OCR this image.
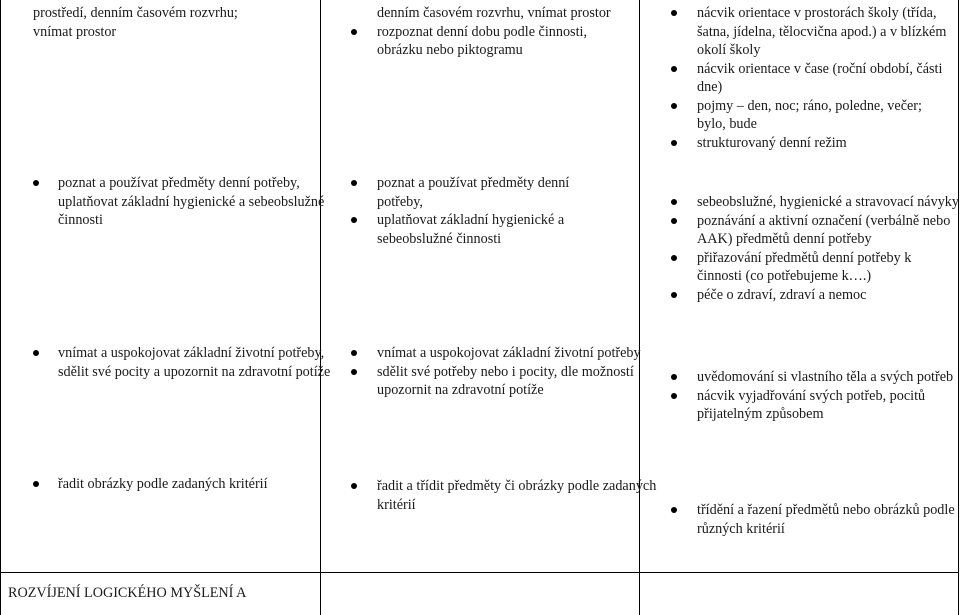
prostředí, denním časovém rozvrhu; vnímat prostor
denním časovém rozvrhu, vnímat prostor
rozpoznat denní dobu podle činnosti, obrázku nebo piktogramu
nácvik orientace v prostorách školy (třída, šatna, jídelna, tělocvična apod.) a v blízkém okolí školy
nácvik orientace v čase (roční období, části dne)
pojmy – den, noc; ráno, poledne, večer; bylo, bude
strukturovaný denní režim
poznat a používat předměty denní potřeby, uplatňovat základní hygienické a sebeobslužné činnosti
poznat a používat předměty denní potřeby,
uplatňovat základní hygienické a sebeobslužné činnosti
sebeobslužné, hygienické a stravovací návyky
poznávání a aktivní označení (verbálně nebo AAK) předmětů denní potřeby
přiřazování předmětů denní potřeby k činnosti (co potřebujeme k….)
péče o zdraví, zdraví a nemoc
vnímat a uspokojovat základní životní potřeby, sdělit své pocity a upozornit na zdravotní potíže
vnímat a uspokojovat základní životní potřeby
sdělit své potřeby nebo i pocity, dle možností upozornit na zdravotní potíže
uvědomování si vlastního těla a svých potřeb
nácvik vyjadřování svých potřeb, pocitů přijatelným způsobem
řadit obrázky podle zadaných kritérií	řadit a třídit předměty či obrázky podle zadaných kritérií	třídění a řazení předmětů nebo obrázků podle různých kritérií
ROZVÍJENÍ LOGICKÉHO MYŠLENÍ A
